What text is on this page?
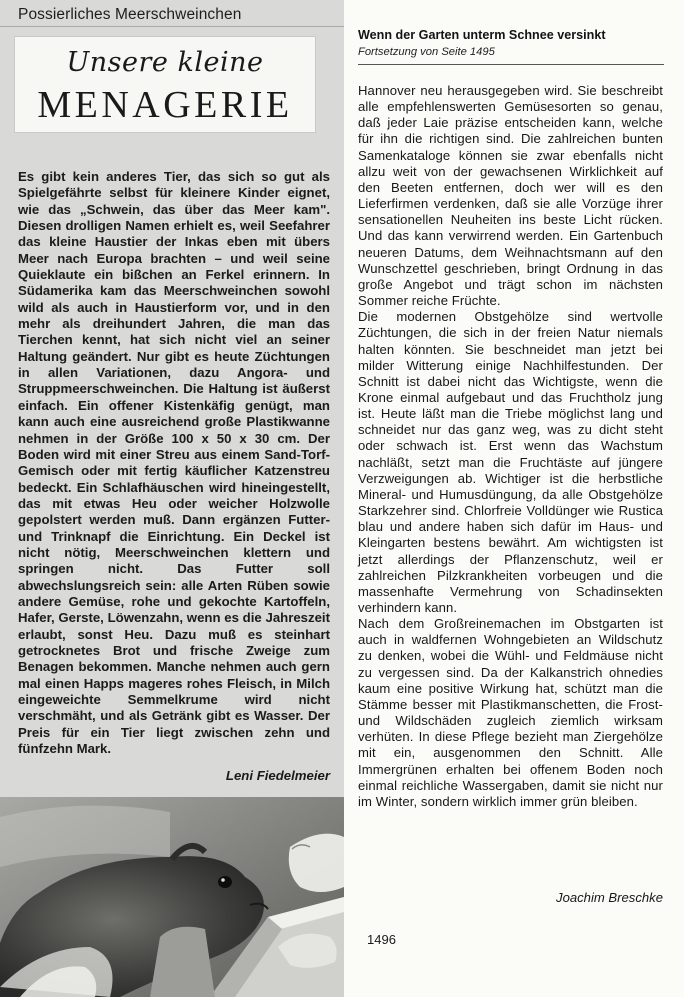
Possierliches Meerschweinchen
Unsere kleine
MENAGERIE

Es gibt kein anderes Tier, das sich so gut als Spielgefährte selbst für kleinere Kinder eignet, wie das „Schwein, das über das Meer kam". Diesen drolligen Namen erhielt es, weil Seefahrer das kleine Haustier der Inkas eben mit übers Meer nach Europa brachten – und weil seine Quieklaute ein bißchen an Ferkel erinnern. In Südamerika kam das Meerschweinchen sowohl wild als auch in Haustierform vor, und in den mehr als dreihundert Jahren, die man das Tierchen kennt, hat sich nicht viel an seiner Haltung geändert. Nur gibt es heute Züchtungen in allen Variationen, dazu Angora- und Struppmeerschweinchen. Die Haltung ist äußerst einfach. Ein offener Kistenkäfig genügt, man kann auch eine ausreichend große Plastikwanne nehmen in der Größe 100 x 50 x 30 cm. Der Boden wird mit einer Streu aus einem Sand-Torf-Gemisch oder mit fertig käuflicher Katzenstreu bedeckt. Ein Schlafhäuschen wird hineingestellt, das mit etwas Heu oder weicher Holzwolle gepolstert werden muß. Dann ergänzen Futter- und Trinknapf die Einrichtung. Ein Deckel ist nicht nötig, Meerschweinchen klettern und springen nicht. Das Futter soll abwechslungsreich sein: alle Arten Rüben sowie andere Gemüse, rohe und gekochte Kartoffeln, Hafer, Gerste, Löwenzahn, wenn es die Jahreszeit erlaubt, sonst Heu. Dazu muß es steinhart getrocknetes Brot und frische Zweige zum Benagen bekommen. Manche nehmen auch gern mal einen Happs mageres rohes Fleisch, in Milch eingeweichte Semmelkrume wird nicht verschmäht, und als Getränk gibt es Wasser. Der Preis für ein Tier liegt zwischen zehn und fünfzehn Mark.

Leni Fiedelmeier
Wenn der Garten unterm Schnee versinkt
Fortsetzung von Seite 1495

Hannover neu herausgegeben wird. Sie beschreibt alle empfehlenswerten Gemüsesorten so genau, daß jeder Laie präzise entscheiden kann, welche für ihn die richtigen sind. Die zahlreichen bunten Samenkataloge können sie zwar ebenfalls nicht allzu weit von der gewachsenen Wirklichkeit auf den Beeten entfernen, doch wer will es den Lieferfirmen verdenken, daß sie alle Vorzüge ihrer sensationellen Neuheiten ins beste Licht rücken. Und das kann verwirrend werden. Ein Gartenbuch neueren Datums, dem Weihnachtsmann auf den Wunschzettel geschrieben, bringt Ordnung in das große Angebot und trägt schon im nächsten Sommer reiche Früchte.

Die modernen Obstgehölze sind wertvolle Züchtungen, die sich in der freien Natur niemals halten könnten. Sie beschneidet man jetzt bei milder Witterung einige Nachhilfestunden. Der Schnitt ist dabei nicht das Wichtigste, wenn die Krone einmal aufgebaut und das Fruchtholz jung ist. Heute läßt man die Triebe möglichst lang und schneidet nur das ganz weg, was zu dicht steht oder schwach ist. Erst wenn das Wachstum nachläßt, setzt man die Fruchtäste auf jüngere Verzweigungen ab. Wichtiger ist die herbstliche Mineral- und Humusdüngung, da alle Obstgehölze Starkzehrer sind. Chlorfreie Volldünger wie Rustica blau und andere haben sich dafür im Haus- und Kleingarten bestens bewährt. Am wichtigsten ist jetzt allerdings der Pflanzenschutz, weil er zahlreichen Pilzkrankheiten vorbeugen und die massenhafte Vermehrung von Schadinsekten verhindern kann.

Nach dem Großreinemachen im Obstgarten ist auch in waldfernen Wohngebieten an Wildschutz zu denken, wobei die Wühl- und Feldmäuse nicht zu vergessen sind. Da der Kalkanstrich ohnedies kaum eine positive Wirkung hat, schützt man die Stämme besser mit Plastikmanschetten, die Frost- und Wildschäden zugleich ziemlich wirksam verhüten. In diese Pflege bezieht man Ziergehölze mit ein, ausgenommen den Schnitt. Alle Immergrünen erhalten bei offenem Boden noch einmal reichliche Wassergaben, damit sie nicht nur im Winter, sondern wirklich immer grün bleiben.

Joachim Breschke
1496
